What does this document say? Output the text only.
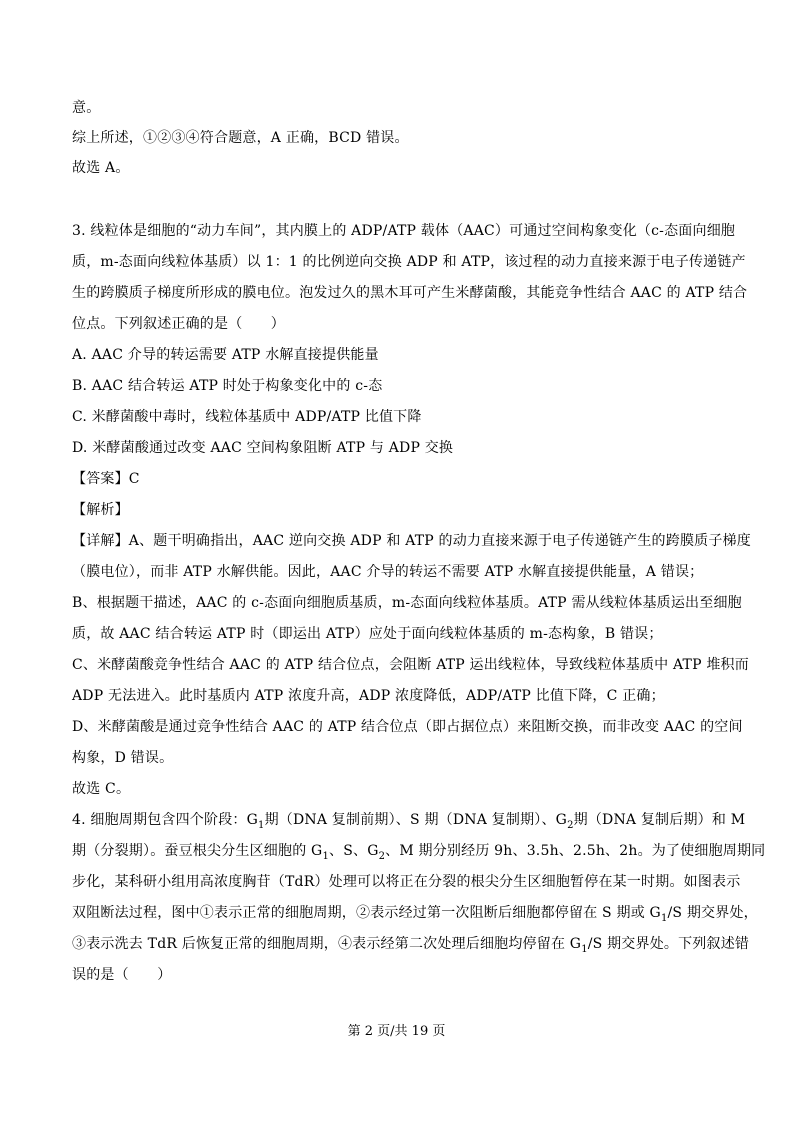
意。
综上所述，①②③④符合题意，A 正确，BCD 错误。
故选 A。
3. 线粒体是细胞的“动力车间”，其内膜上的 ADP/ATP 载体（AAC）可通过空间构象变化（c-态面向细胞
质，m-态面向线粒体基质）以 1：1 的比例逆向交换 ADP 和 ATP，该过程的动力直接来源于电子传递链产
生的跨膜质子梯度所形成的膜电位。泡发过久的黑木耳可产生米酵菌酸，其能竞争性结合 AAC 的 ATP 结合
位点。下列叙述正确的是（　　）
A. AAC 介导的转运需要 ATP 水解直接提供能量
B. AAC 结合转运 ATP 时处于构象变化中的 c-态
C. 米酵菌酸中毒时，线粒体基质中 ADP/ATP 比值下降
D. 米酵菌酸通过改变 AAC 空间构象阻断 ATP 与 ADP 交换
【答案】C
【解析】
【详解】A、题干明确指出，AAC 逆向交换 ADP 和 ATP 的动力直接来源于电子传递链产生的跨膜质子梯度
（膜电位），而非 ATP 水解供能。因此，AAC 介导的转运不需要 ATP 水解直接提供能量，A 错误；
B、根据题干描述，AAC 的 c-态面向细胞质基质，m-态面向线粒体基质。ATP 需从线粒体基质运出至细胞
质，故 AAC 结合转运 ATP 时（即运出 ATP）应处于面向线粒体基质的 m-态构象，B 错误；
C、米酵菌酸竞争性结合 AAC 的 ATP 结合位点，会阻断 ATP 运出线粒体，导致线粒体基质中 ATP 堆积而
ADP 无法进入。此时基质内 ATP 浓度升高，ADP 浓度降低，ADP/ATP 比值下降，C 正确；
D、米酵菌酸是通过竞争性结合 AAC 的 ATP 结合位点（即占据位点）来阻断交换，而非改变 AAC 的空间
构象，D 错误。
故选 C。
4. 细胞周期包含四个阶段：$G_1$期（DNA 复制前期）、S 期（DNA 复制期）、$G_2$期（DNA 复制后期）和 M
期（分裂期）。蚕豆根尖分生区细胞的 $G_1$、S、$G_2$、M 期分别经历 9h、3.5h、2.5h、2h。为了使细胞周期同
步化，某科研小组用高浓度胸苷（TdR）处理可以将正在分裂的根尖分生区细胞暂停在某一时期。如图表示
双阻断法过程，图中①表示正常的细胞周期，②表示经过第一次阻断后细胞都停留在 S 期或 $G_1/S$ 期交界处，
③表示洗去 TdR 后恢复正常的细胞周期，④表示经第二次处理后细胞均停留在 $G_1/S$ 期交界处。下列叙述错
误的是（　　）
第 2 页/共 19 页
